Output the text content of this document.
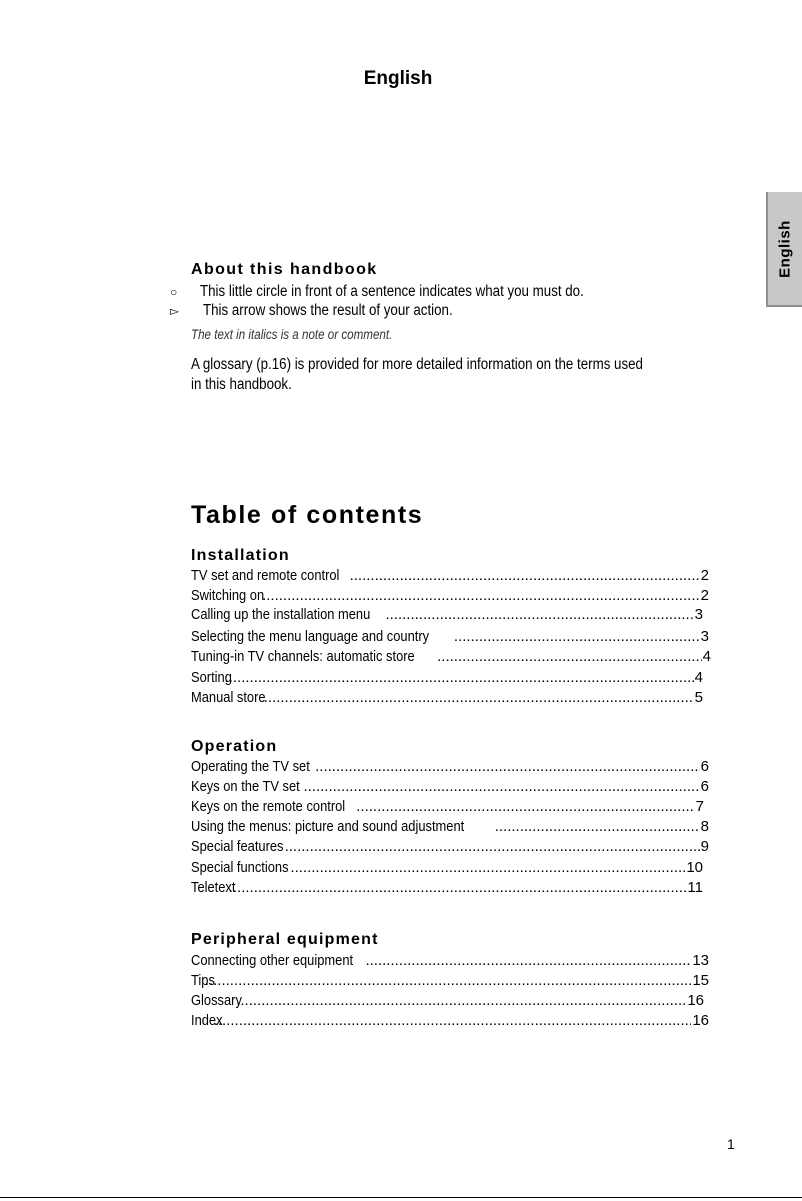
English
English
About this handbook
○ This little circle in front of a sentence indicates what you must do.
▻ This arrow shows the result of your action.
The text in italics is a note or comment.
A glossary (p.16) is provided for more detailed information on the terms used
in this handbook.
Table of contents
Installation
TV set and remote control .....	2
Switching on .....	2
Calling up the installation menu .....	3
Selecting the menu language and country .....	3
Tuning-in TV channels: automatic store .....	4
Sorting .....	4
Manual store .....	5
Operation
Operating the TV set .....	6
Keys on the TV set .....	6
Keys on the remote control .....	7
Using the menus: picture and sound adjustment .....	8
Special features .....	9
Special functions .....	10
Teletext .....	11
Peripheral equipment
Connecting other equipment .....	13
Tips .....	15
Glossary .....	16
Index .....	16
1
